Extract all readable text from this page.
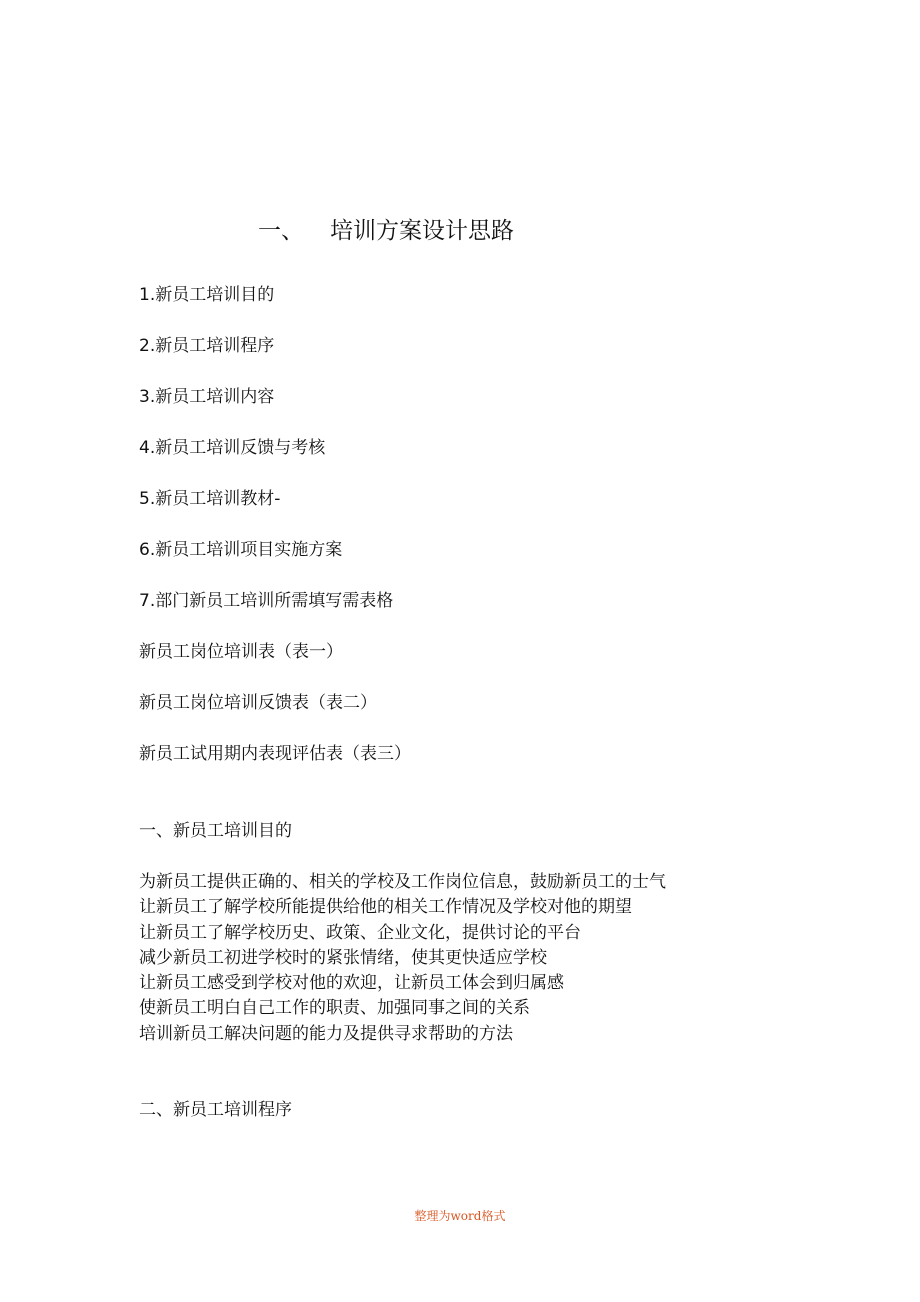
一、 培训方案设计思路
1.新员工培训目的
2.新员工培训程序
3.新员工培训内容
4.新员工培训反馈与考核
5.新员工培训教材-
6.新员工培训项目实施方案
7.部门新员工培训所需填写需表格
新员工岗位培训表（表一）
新员工岗位培训反馈表（表二）
新员工试用期内表现评估表（表三）
一、新员工培训目的
为新员工提供正确的、相关的学校及工作岗位信息，鼓励新员工的士气
让新员工了解学校所能提供给他的相关工作情况及学校对他的期望
让新员工了解学校历史、政策、企业文化，提供讨论的平台
减少新员工初进学校时的紧张情绪，使其更快适应学校
让新员工感受到学校对他的欢迎，让新员工体会到归属感
使新员工明白自己工作的职责、加强同事之间的关系
培训新员工解决问题的能力及提供寻求帮助的方法
二、新员工培训程序
整理为word格式
